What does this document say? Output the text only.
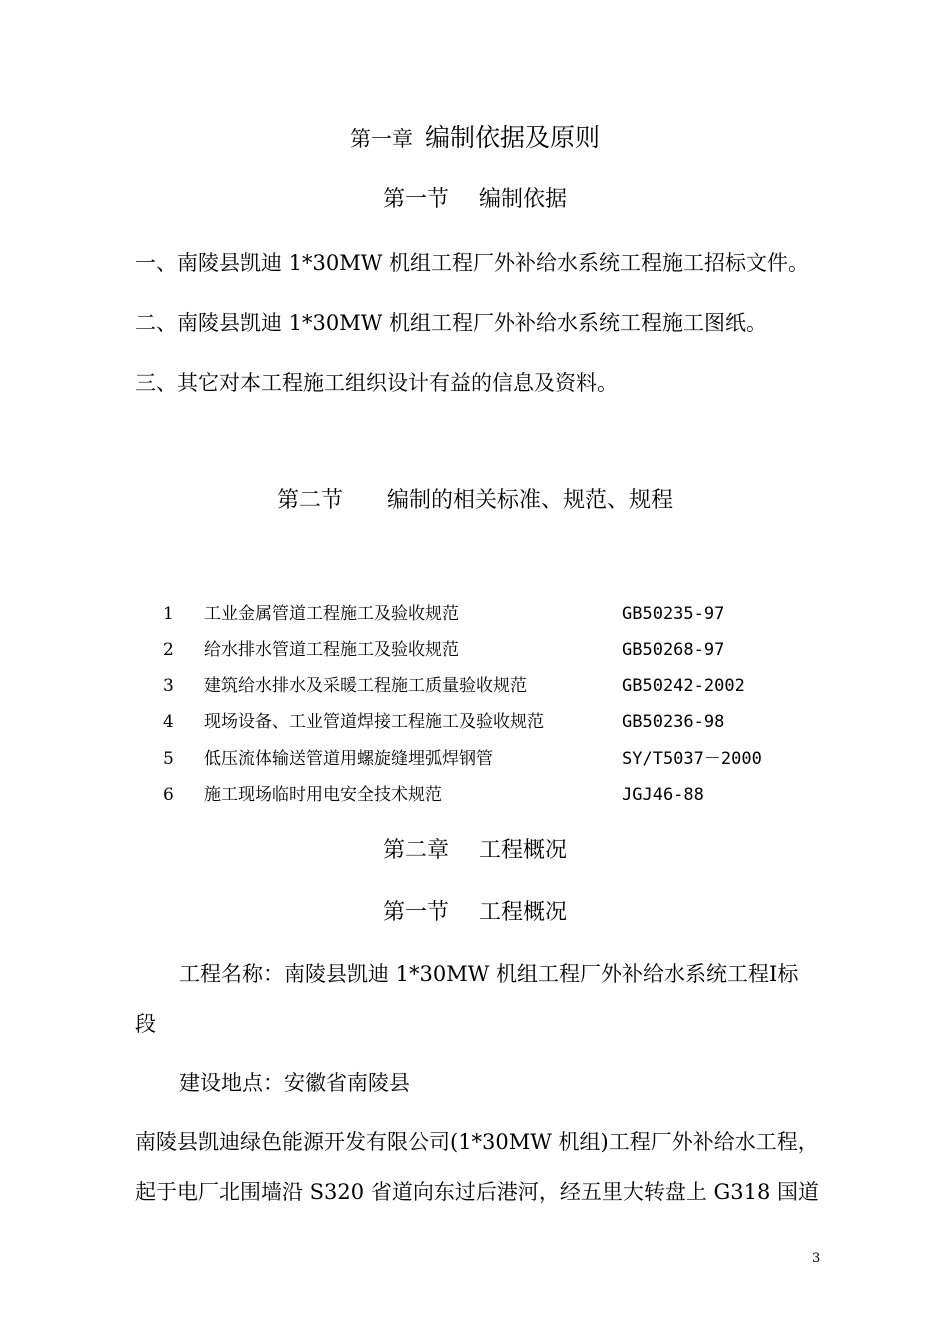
第一章 编制依据及原则
第一节 编制依据
一、南陵县凯迪 1*30MW 机组工程厂外补给水系统工程施工招标文件。
二、南陵县凯迪 1*30MW 机组工程厂外补给水系统工程施工图纸。
三、其它对本工程施工组织设计有益的信息及资料。
第二节 编制的相关标准、规范、规程
1	工业金属管道工程施工及验收规范	GB50235-97
2	给水排水管道工程施工及验收规范	GB50268-97
3	建筑给水排水及采暖工程施工质量验收规范	GB50242-2002
4	现场设备、工业管道焊接工程施工及验收规范	GB50236-98
5	低压流体输送管道用螺旋缝埋弧焊钢管	SY/T5037－2000
6	施工现场临时用电安全技术规范	JGJ46-88
第二章 工程概况
第一节 工程概况
工程名称：南陵县凯迪 1*30MW 机组工程厂外补给水系统工程Ⅰ标
段
建设地点：安徽省南陵县
南陵县凯迪绿色能源开发有限公司(1*30MW 机组)工程厂外补给水工程，
起于电厂北围墙沿 S320 省道向东过后港河，经五里大转盘上 G318 国道
3
